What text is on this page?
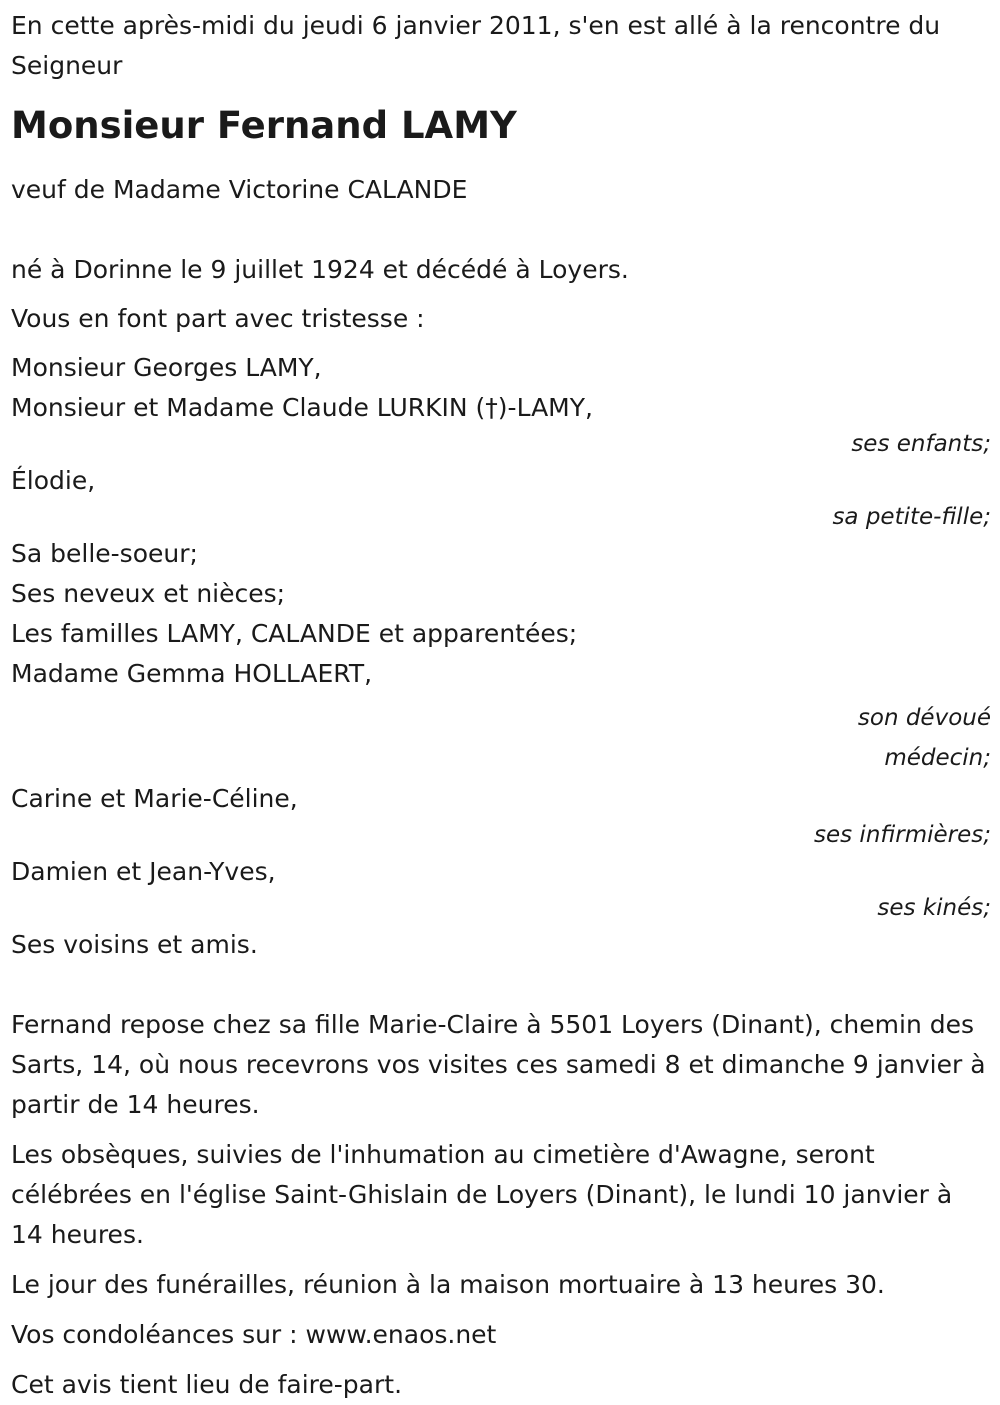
En cette après-midi du jeudi 6 janvier 2011, s'en est allé à la rencontre du

Seigneur

Monsieur Fernand LAMY

veuf de Madame Victorine CALANDE

né à Dorinne le 9 juillet 1924 et décédé à Loyers.

Vous en font part avec tristesse :

Monsieur Georges LAMY,

Monsieur et Madame Claude LURKIN (†)-LAMY,

ses enfants;

Élodie,

sa petite-fille;

Sa belle-soeur;

Ses neveux et nièces;

Les familles LAMY, CALANDE et apparentées;

Madame Gemma HOLLAERT,

son dévoué

médecin;

Carine et Marie-Céline,

ses infirmières;

Damien et Jean-Yves,

ses kinés;

Ses voisins et amis.

Fernand repose chez sa fille Marie-Claire à 5501 Loyers (Dinant), chemin des Sarts, 14, où nous recevrons vos visites ces samedi 8 et dimanche 9 janvier à partir de 14 heures.

Les obsèques, suivies de l'inhumation au cimetière d'Awagne, seront célébrées en l'église Saint-Ghislain de Loyers (Dinant), le lundi 10 janvier à 14 heures.

Le jour des funérailles, réunion à la maison mortuaire à 13 heures 30.

Vos condoléances sur : www.enaos.net

Cet avis tient lieu de faire-part.
